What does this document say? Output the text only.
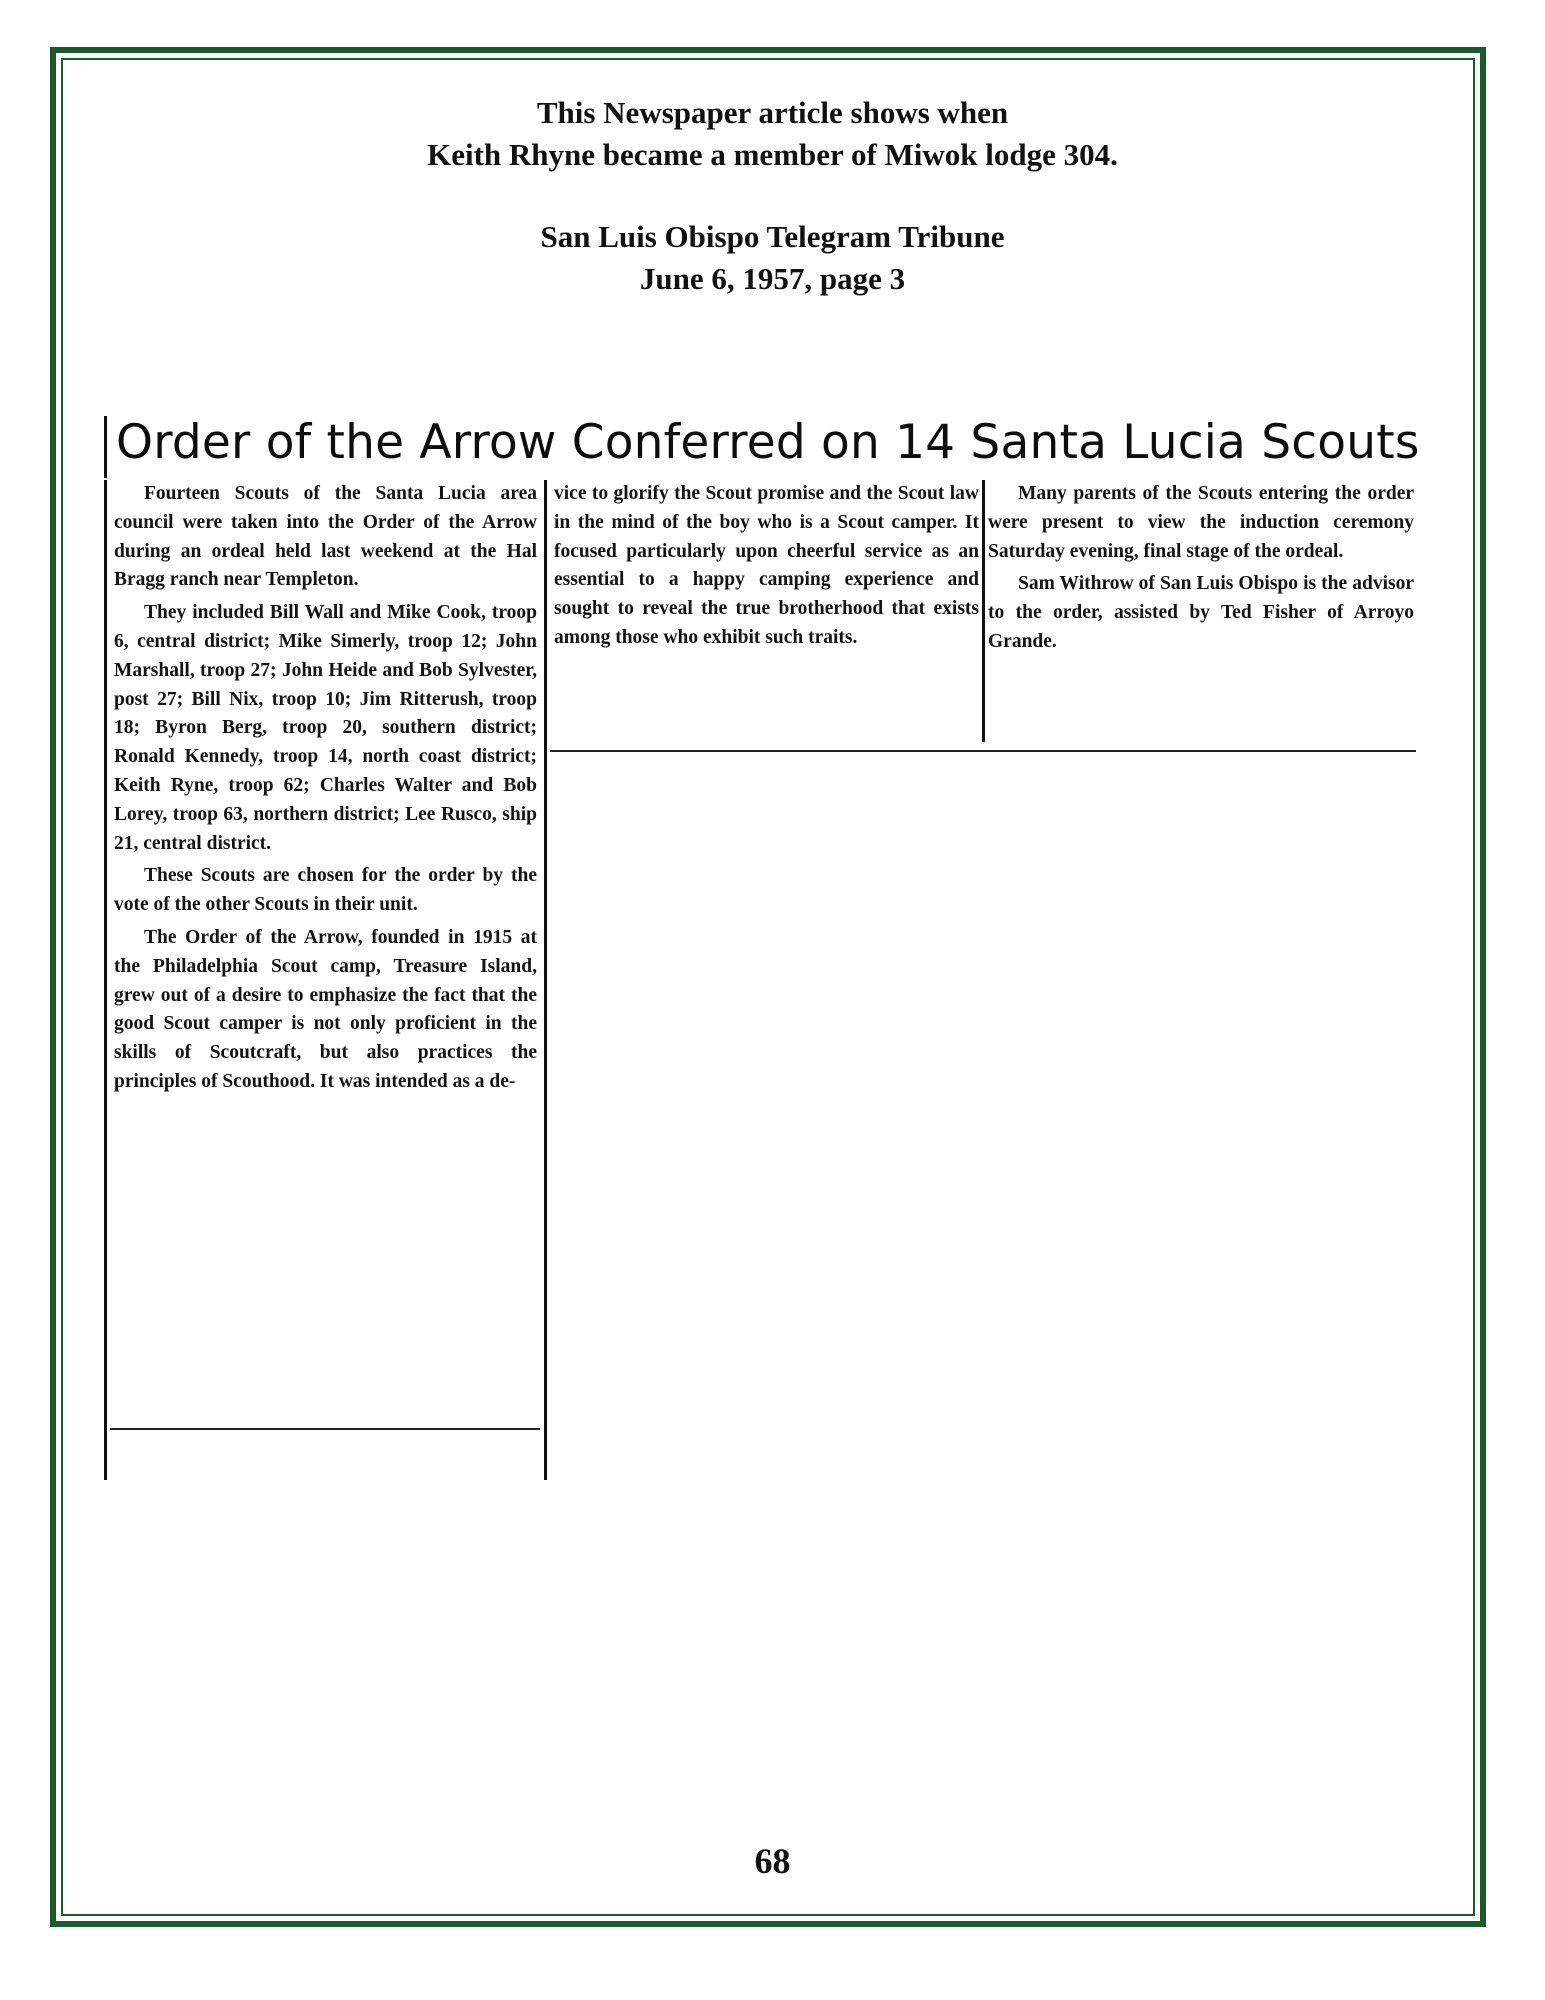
This Newspaper article shows when
Keith Rhyne became a member of Miwok lodge 304.
San Luis Obispo Telegram Tribune
June 6, 1957, page 3
Order of the Arrow Conferred on 14 Santa Lucia Scouts

Fourteen Scouts of the Santa Lucia area council were taken into the Order of the Arrow during an ordeal held last weekend at the Hal Bragg ranch near Templeton.

They included Bill Wall and Mike Cook, troop 6, central district; Mike Simerly, troop 12; John Marshall, troop 27; John Heide and Bob Sylvester, post 27; Bill Nix, troop 10; Jim Ritterush, troop 18; Byron Berg, troop 20, southern district; Ronald Kennedy, troop 14, north coast district; Keith Ryne, troop 62; Charles Walter and Bob Lorey, troop 63, northern district; Lee Rusco, ship 21, central district.

These Scouts are chosen for the order by the vote of the other Scouts in their unit.

The Order of the Arrow, founded in 1915 at the Philadelphia Scout camp, Treasure Island, grew out of a desire to emphasize the fact that the good Scout camper is not only proficient in the skills of Scoutcraft, but also practices the principles of Scouthood. It was intended as a de-

vice to glorify the Scout promise and the Scout law in the mind of the boy who is a Scout camper. It focused particularly upon cheerful service as an essential to a happy camping experience and sought to reveal the true brotherhood that exists among those who exhibit such traits.

Many parents of the Scouts entering the order were present to view the induction ceremony Saturday evening, final stage of the ordeal.

Sam Withrow of San Luis Obispo is the advisor to the order, assisted by Ted Fisher of Arroyo Grande.

68
